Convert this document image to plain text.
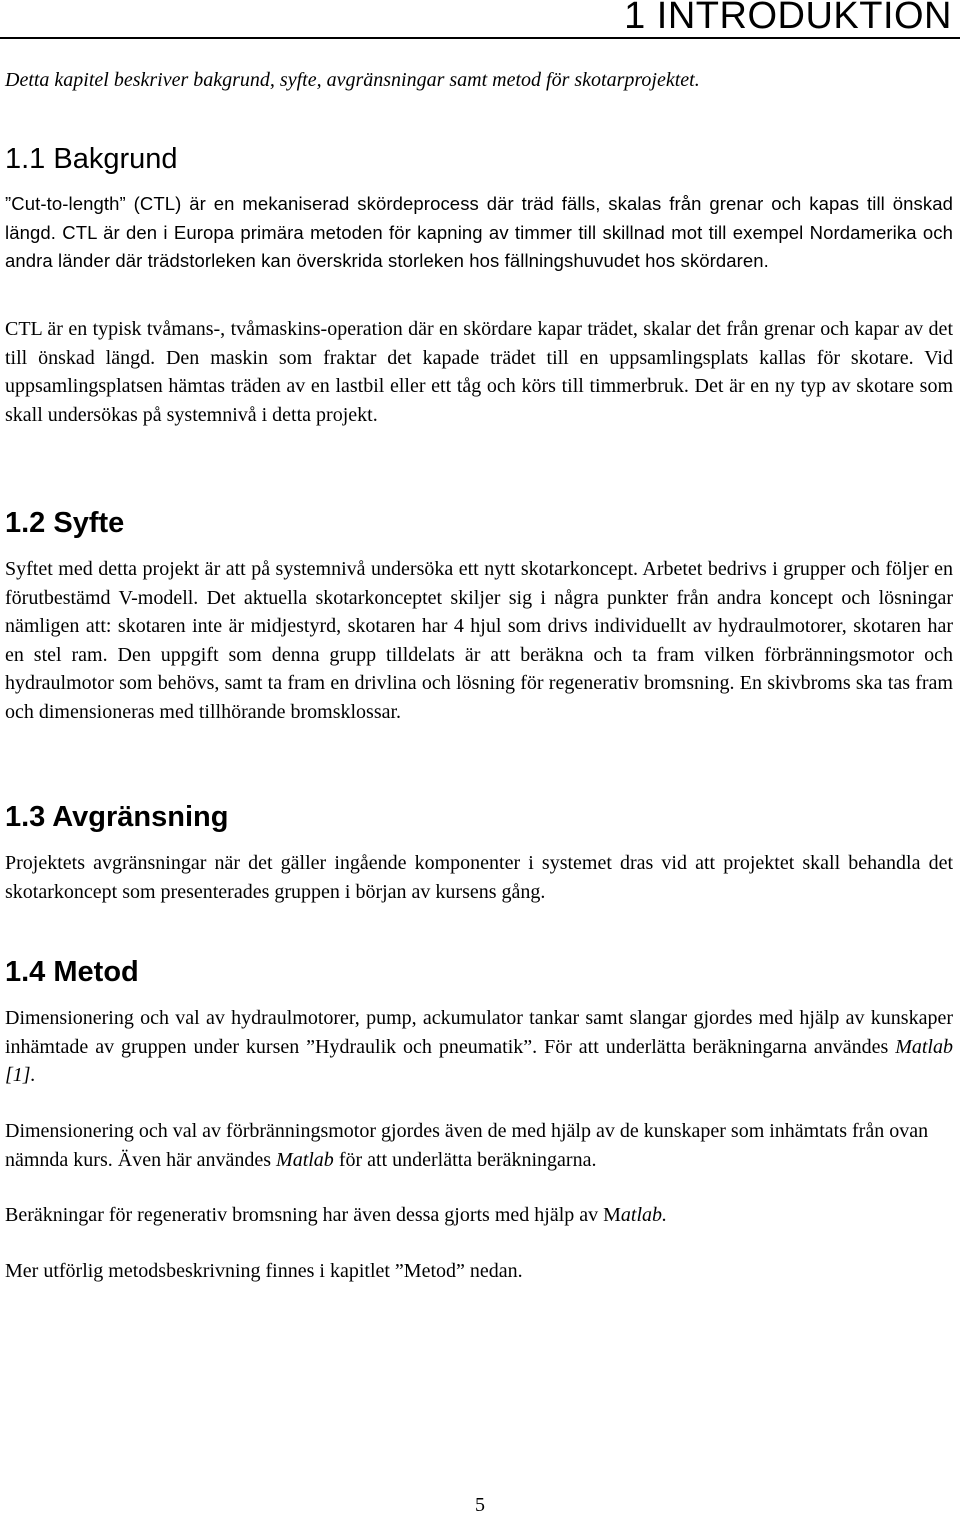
1 INTRODUKTION

Detta kapitel beskriver bakgrund, syfte, avgränsningar samt metod för skotarprojektet.

1.1 Bakgrund

”Cut-to-length” (CTL) är en mekaniserad skördeprocess där träd fälls, skalas från grenar och kapas till önskad längd. CTL är den i Europa primära metoden för kapning av timmer till skillnad mot till exempel Nordamerika och andra länder där trädstorleken kan överskrida storleken hos fällningshuvudet hos skördaren.

CTL är en typisk tvåmans-, tvåmaskins-operation där en skördare kapar trädet, skalar det från grenar och kapar av det till önskad längd. Den maskin som fraktar det kapade trädet till en uppsamlingsplats kallas för skotare. Vid uppsamlingsplatsen hämtas träden av en lastbil eller ett tåg och körs till timmerbruk. Det är en ny typ av skotare som skall undersökas på systemnivå i detta projekt.

1.2 Syfte

Syftet med detta projekt är att på systemnivå undersöka ett nytt skotarkoncept. Arbetet bedrivs i grupper och följer en förutbestämd V-modell. Det aktuella skotarkonceptet skiljer sig i några punkter från andra koncept och lösningar nämligen att: skotaren inte är midjestyrd, skotaren har 4 hjul som drivs individuellt av hydraulmotorer, skotaren har en stel ram. Den uppgift som denna grupp tilldelats är att beräkna och ta fram vilken förbränningsmotor och hydraulmotor som behövs, samt ta fram en drivlina och lösning för regenerativ bromsning. En skivbroms ska tas fram och dimensioneras med tillhörande bromsklossar.

1.3 Avgränsning

Projektets avgränsningar när det gäller ingående komponenter i systemet dras vid att projektet skall behandla det skotarkoncept som presenterades gruppen i början av kursens gång.

1.4 Metod

Dimensionering och val av hydraulmotorer, pump, ackumulator tankar samt slangar gjordes med hjälp av kunskaper inhämtade av gruppen under kursen ”Hydraulik och pneumatik”. För att underlätta beräkningarna användes Matlab [1].

Dimensionering och val av förbränningsmotor gjordes även de med hjälp av de kunskaper som inhämtats från ovan nämnda kurs. Även här användes Matlab för att underlätta beräkningarna.

Beräkningar för regenerativ bromsning har även dessa gjorts med hjälp av Matlab.

Mer utförlig metodsbeskrivning finnes i kapitlet ”Metod” nedan.

5
